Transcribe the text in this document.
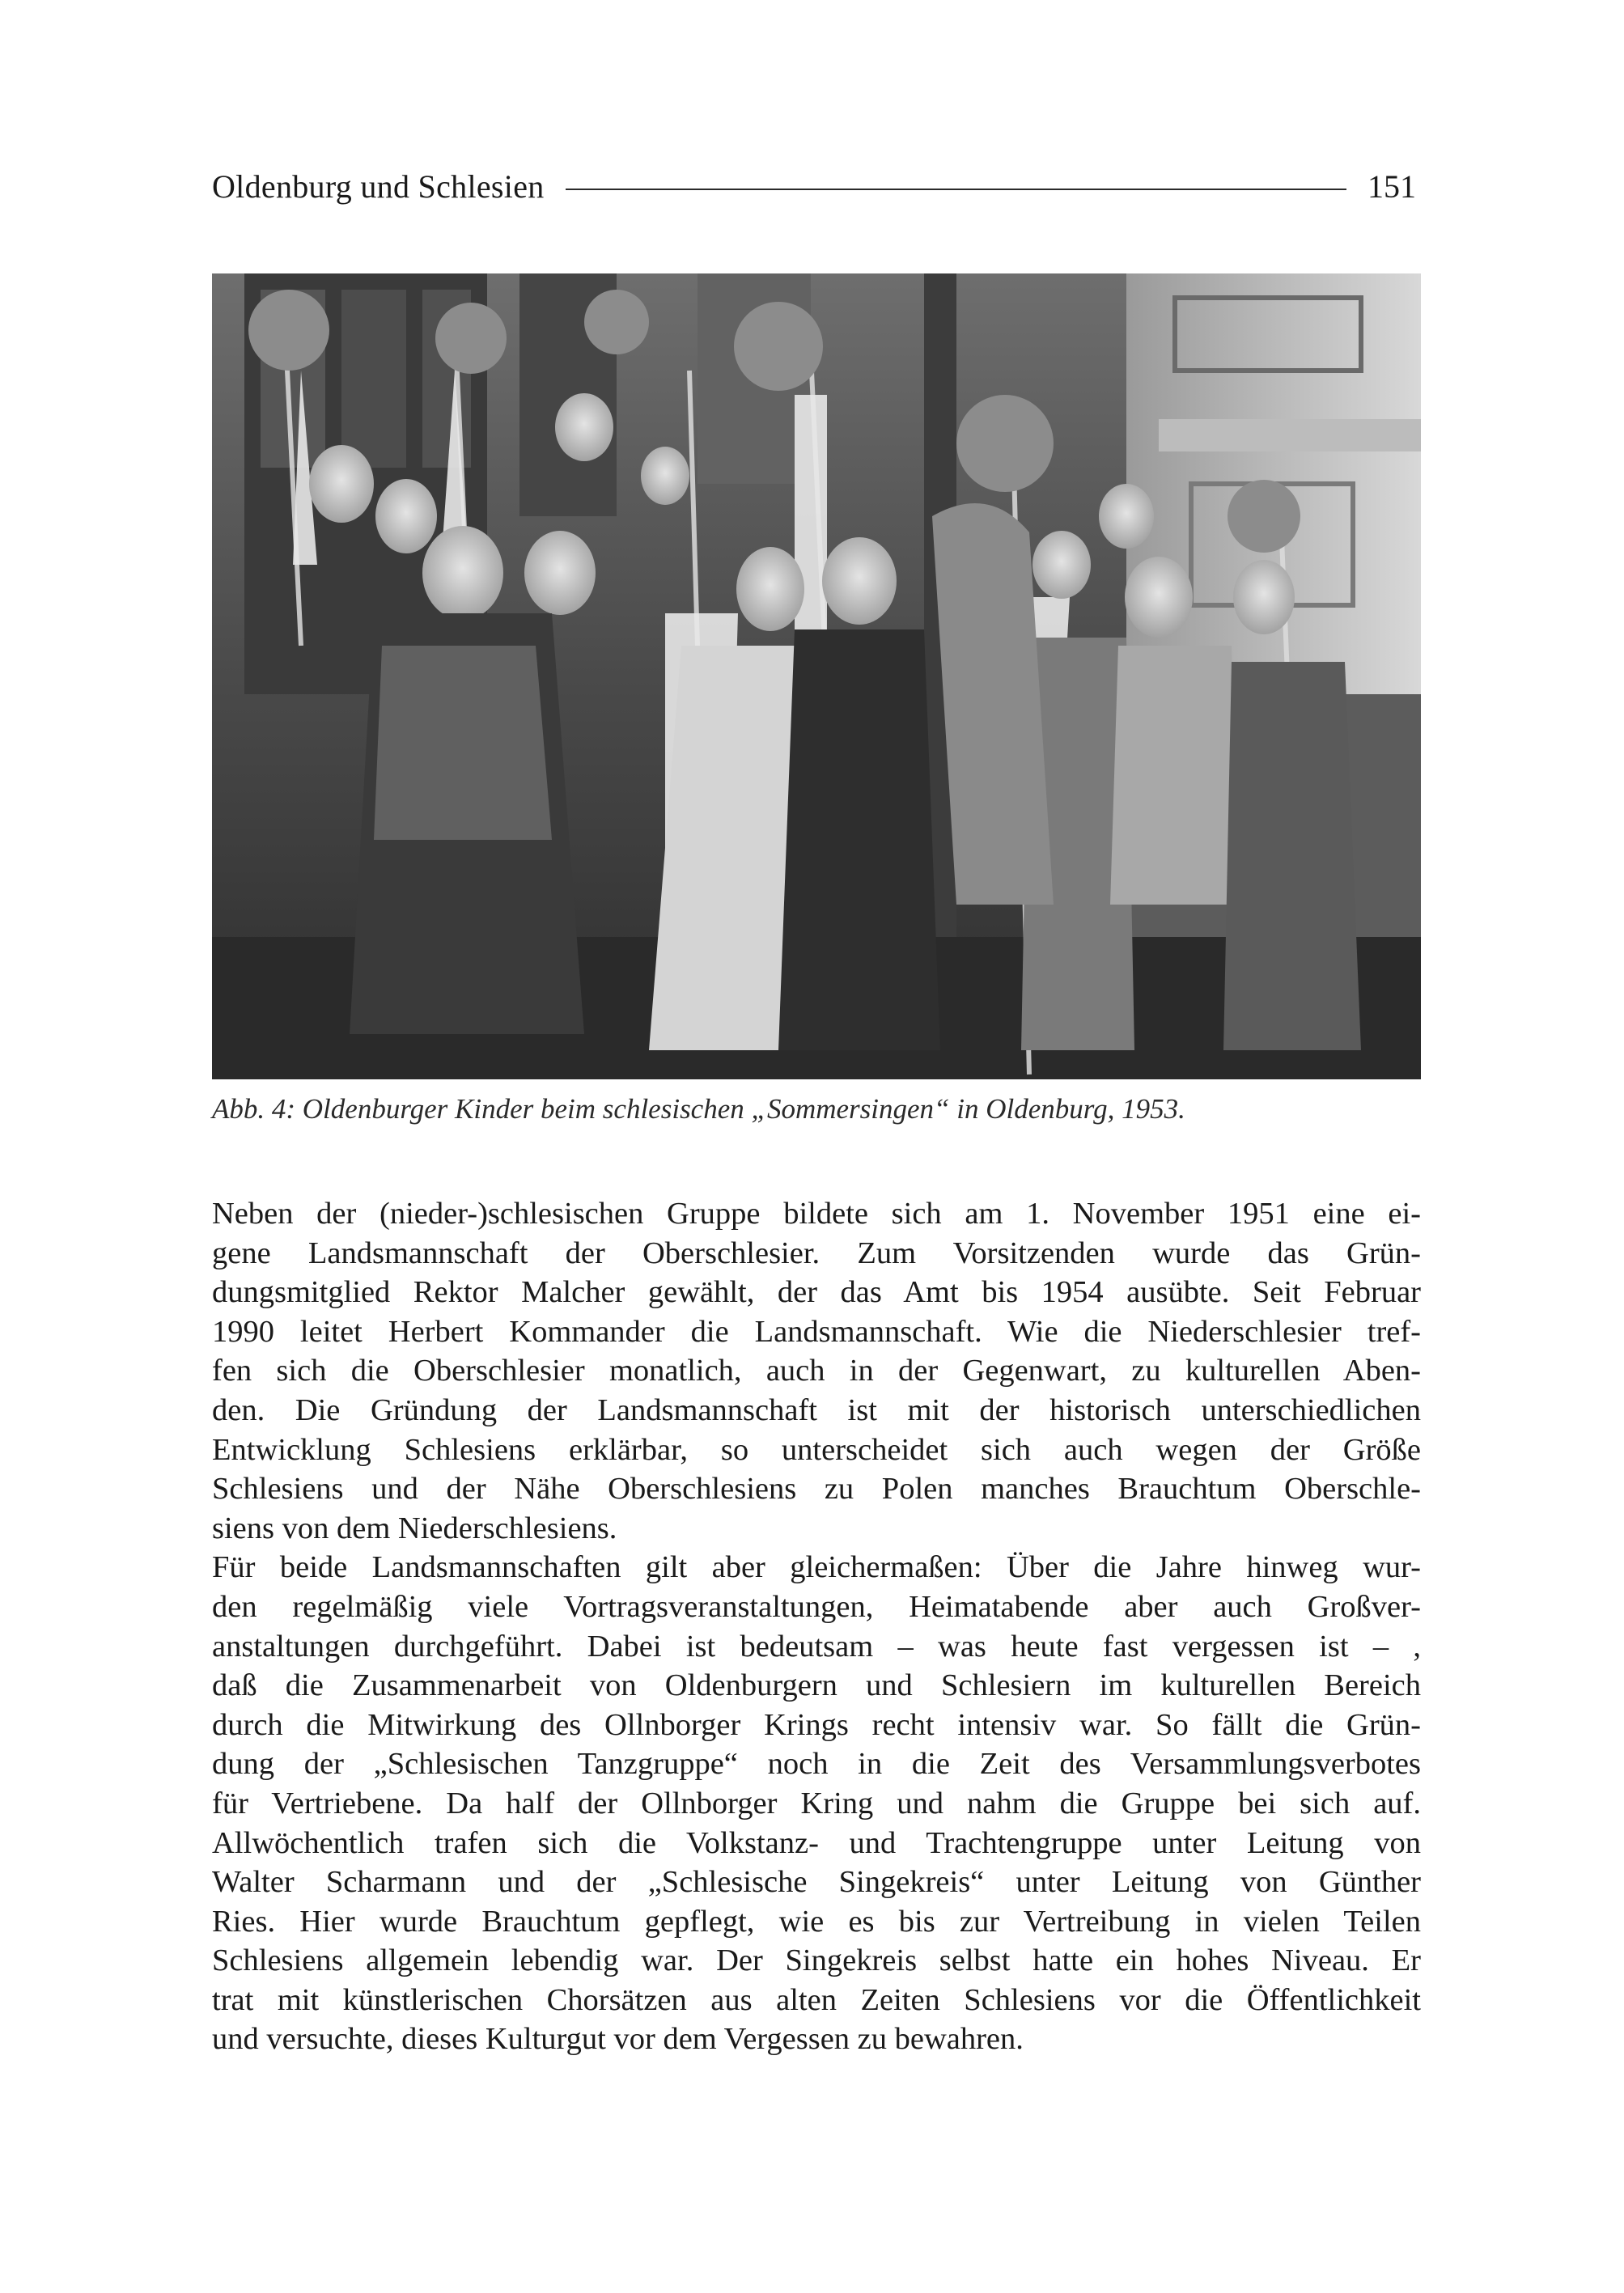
Oldenburg und Schlesien	151
Abb. 4: Oldenburger Kinder beim schlesischen „Sommersingen“ in Oldenburg, 1953.
Neben der (nieder-)schlesischen Gruppe bildete sich am 1. November 1951 eine ei-
gene Landsmannschaft der Oberschlesier. Zum Vorsitzenden wurde das Grün-
dungsmitglied Rektor Malcher gewählt, der das Amt bis 1954 ausübte. Seit Februar
1990 leitet Herbert Kommander die Landsmannschaft. Wie die Niederschlesier tref-
fen sich die Oberschlesier monatlich, auch in der Gegenwart, zu kulturellen Aben-
den. Die Gründung der Landsmannschaft ist mit der historisch unterschiedlichen
Entwicklung Schlesiens erklärbar, so unterscheidet sich auch wegen der Größe
Schlesiens und der Nähe Oberschlesiens zu Polen manches Brauchtum Oberschle-
siens von dem Niederschlesiens.
Für beide Landsmannschaften gilt aber gleichermaßen: Über die Jahre hinweg wur-
den regelmäßig viele Vortragsveranstaltungen, Heimatabende aber auch Großver-
anstaltungen durchgeführt. Dabei ist bedeutsam – was heute fast vergessen ist – ,
daß die Zusammenarbeit von Oldenburgern und Schlesiern im kulturellen Bereich
durch die Mitwirkung des Ollnborger Krings recht intensiv war. So fällt die Grün-
dung der „Schlesischen Tanzgruppe“ noch in die Zeit des Versammlungsverbotes
für Vertriebene. Da half der Ollnborger Kring und nahm die Gruppe bei sich auf.
Allwöchentlich trafen sich die Volkstanz- und Trachtengruppe unter Leitung von
Walter Scharmann und der „Schlesische Singekreis“ unter Leitung von Günther
Ries. Hier wurde Brauchtum gepflegt, wie es bis zur Vertreibung in vielen Teilen
Schlesiens allgemein lebendig war. Der Singekreis selbst hatte ein hohes Niveau. Er
trat mit künstlerischen Chorsätzen aus alten Zeiten Schlesiens vor die Öffentlichkeit
und versuchte, dieses Kulturgut vor dem Vergessen zu bewahren.
